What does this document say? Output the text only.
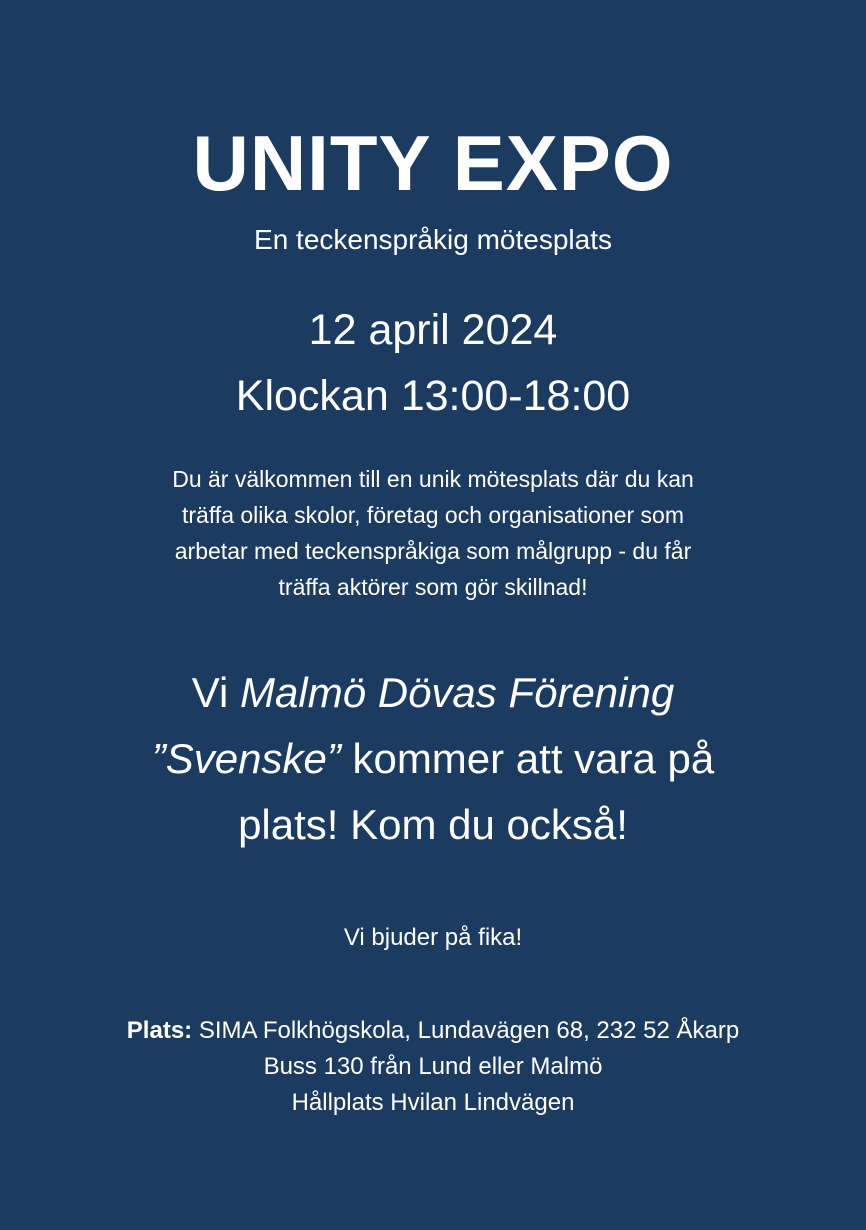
UNITY EXPO
En teckenspråkig mötesplats
12 april 2024
Klockan 13:00-18:00
Du är välkommen till en unik mötesplats där du kan
träffa olika skolor, företag och organisationer som
arbetar med teckenspråkiga som målgrupp - du får
träffa aktörer som gör skillnad!
Vi Malmö Dövas Förening
”Svenske” kommer att vara på
plats! Kom du också!
Vi bjuder på fika!
Plats: SIMA Folkhögskola, Lundavägen 68, 232 52 Åkarp
Buss 130 från Lund eller Malmö
Hållplats Hvilan Lindvägen
